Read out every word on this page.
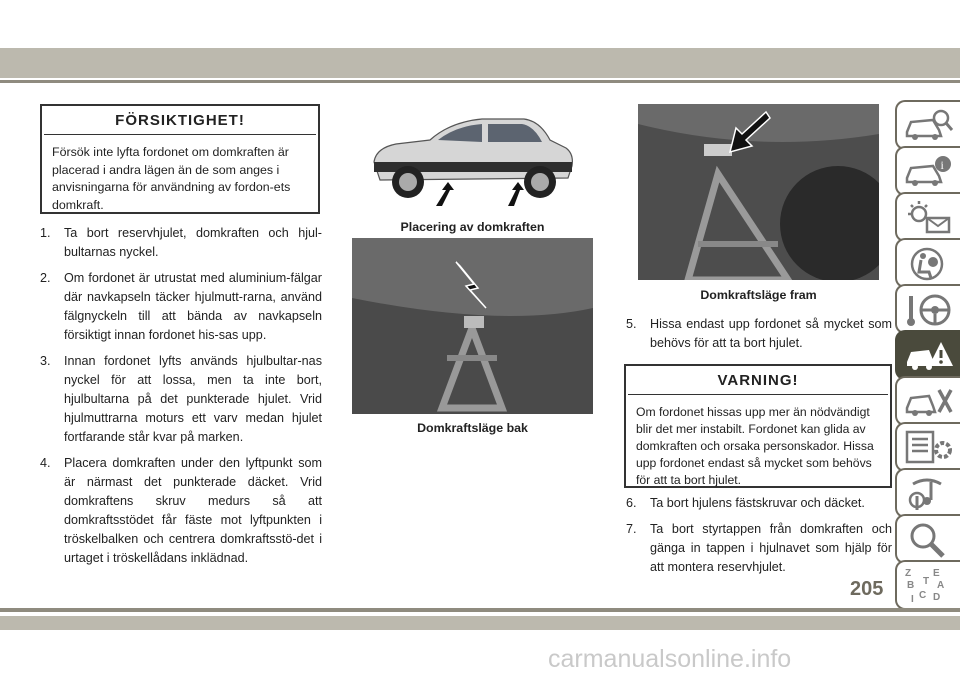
FÖRSIKTIGHET!
Försök inte lyfta fordonet om domkraften är placerad i andra lägen än de som anges i anvisningarna för användning av fordon-ets domkraft.
1. Ta bort reservhjulet, domkraften och hjul-bultarnas nyckel.
2. Om fordonet är utrustat med aluminium-fälgar där navkapseln täcker hjulmutt-rarna, använd fälgnyckeln till att bända av navkapseln försiktigt innan fordonet his-sas upp.
3. Innan fordonet lyfts används hjulbultar-nas nyckel för att lossa, men ta inte bort, hjulbultarna på det punkterade hjulet. Vrid hjulmuttrarna moturs ett varv medan hjulet fortfarande står kvar på marken.
4. Placera domkraften under den lyftpunkt som är närmast det punkterade däcket. Vrid domkraftens skruv medurs så att domkraftsstödet får fäste mot lyftpunkten i tröskelbalken och centrera domkraftsstö-det i urtaget i tröskellådans inklädnad.
Placering av domkraften
Domkraftsläge bak
Domkraftsläge fram
5. Hissa endast upp fordonet så mycket som behövs för att ta bort hjulet.
VARNING!
Om fordonet hissas upp mer än nödvändigt blir det mer instabilt. Fordonet kan glida av domkraften och orsaka personskador. Hissa upp fordonet endast så mycket som behövs för att ta bort hjulet.
6. Ta bort hjulens fästskruvar och däcket.
7. Ta bort styrtappen från domkraften och gänga in tappen i hjulnavet som hjälp för att montera reservhjulet.
i
Z E
B A
C D
I
T
205
carmanualsonline.info
